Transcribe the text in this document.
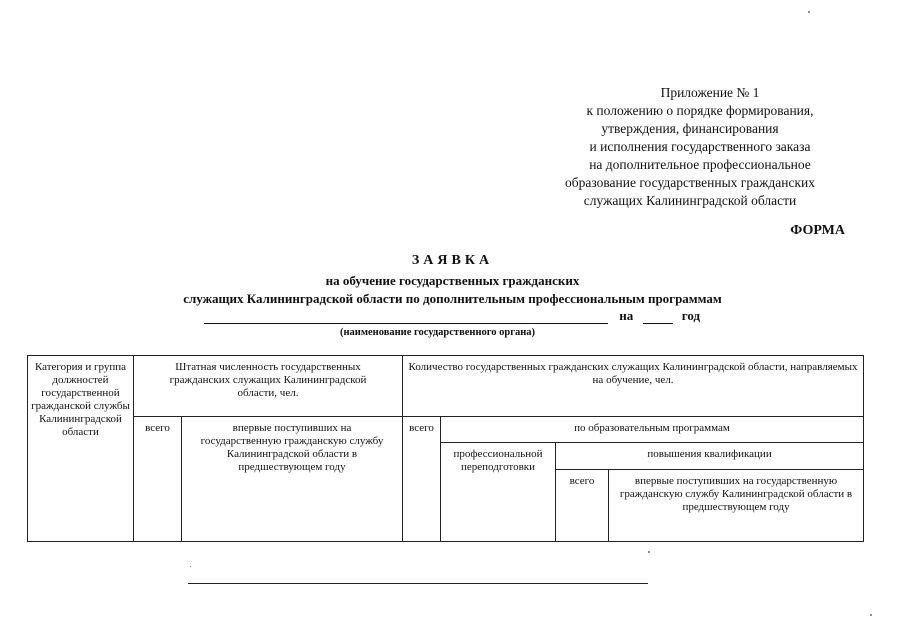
Приложение № 1
к положению о порядке формирования,
утверждения, финансирования
и исполнения государственного заказа
на дополнительное профессиональное
образование государственных гражданских
служащих Калининградской области
ФОРМА
ЗАЯВКА
на обучение государственных гражданских
служащих Калининградской области по дополнительным профессиональным программам
на	год
(наименование государственного органа)
Категория и группа должностей государственной гражданской службы Калининградской области	Штатная численность государственных гражданских служащих Калининградской области, чел.		Количество государственных гражданских служащих Калининградской области, направляемых на обучение, чел.			
	всего	впервые поступивших на государственную гражданскую службу Калининградской области в предшествующем году	всего	по образовательным программам		
				профессиональной переподготовки	повышения квалификации	
					всего	впервые поступивших на государственную гражданскую службу Калининградской области в предшествующем году
